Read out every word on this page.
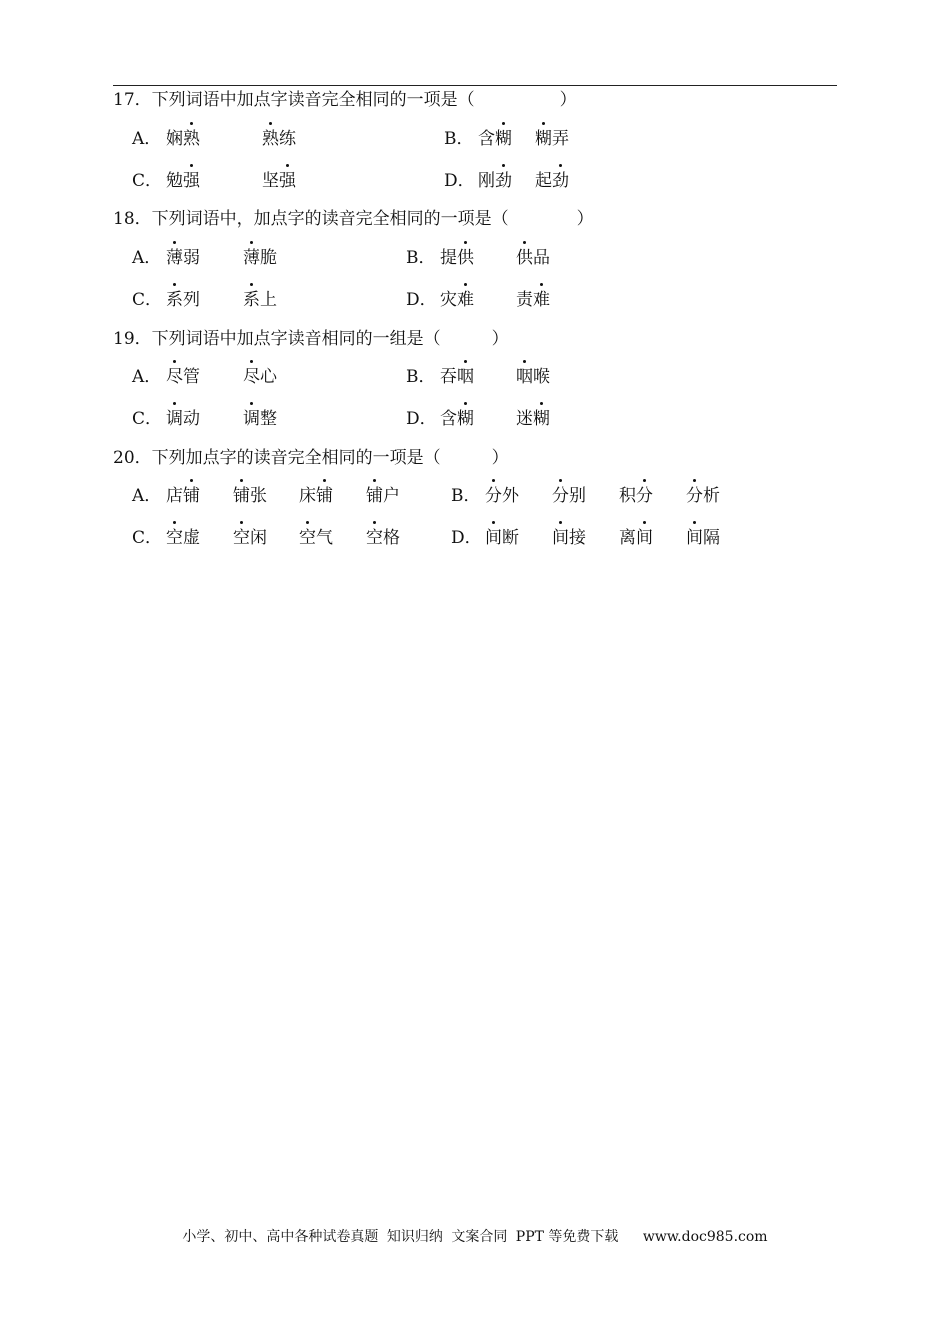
17．下列词语中加点字读音完全相同的一项是（　　　　　）
A． 娴熟	熟练	B． 含糊 糊弄
C． 勉强	坚强	D． 刚劲 起劲
18．下列词语中，加点字的读音完全相同的一项是（　　　　）
A． 薄弱	薄脆	B． 提供 供品
C． 系列	系上	D． 灾难 责难
19．下列词语中加点字读音相同的一组是（　　　）
A． 尽管	尽心	B． 吞咽 咽喉
C． 调动	调整	D． 含糊 迷糊
20．下列加点字的读音完全相同的一项是（　　　）
A． 店铺 铺张 床铺 铺户	B． 分外 分别 积分 分析
C． 空虚 空闲 空气 空格	D． 间断 间接 离间 间隔
小学、初中、高中各种试卷真题 知识归纳 文案合同 PPT 等免费下载 www.doc985.com
